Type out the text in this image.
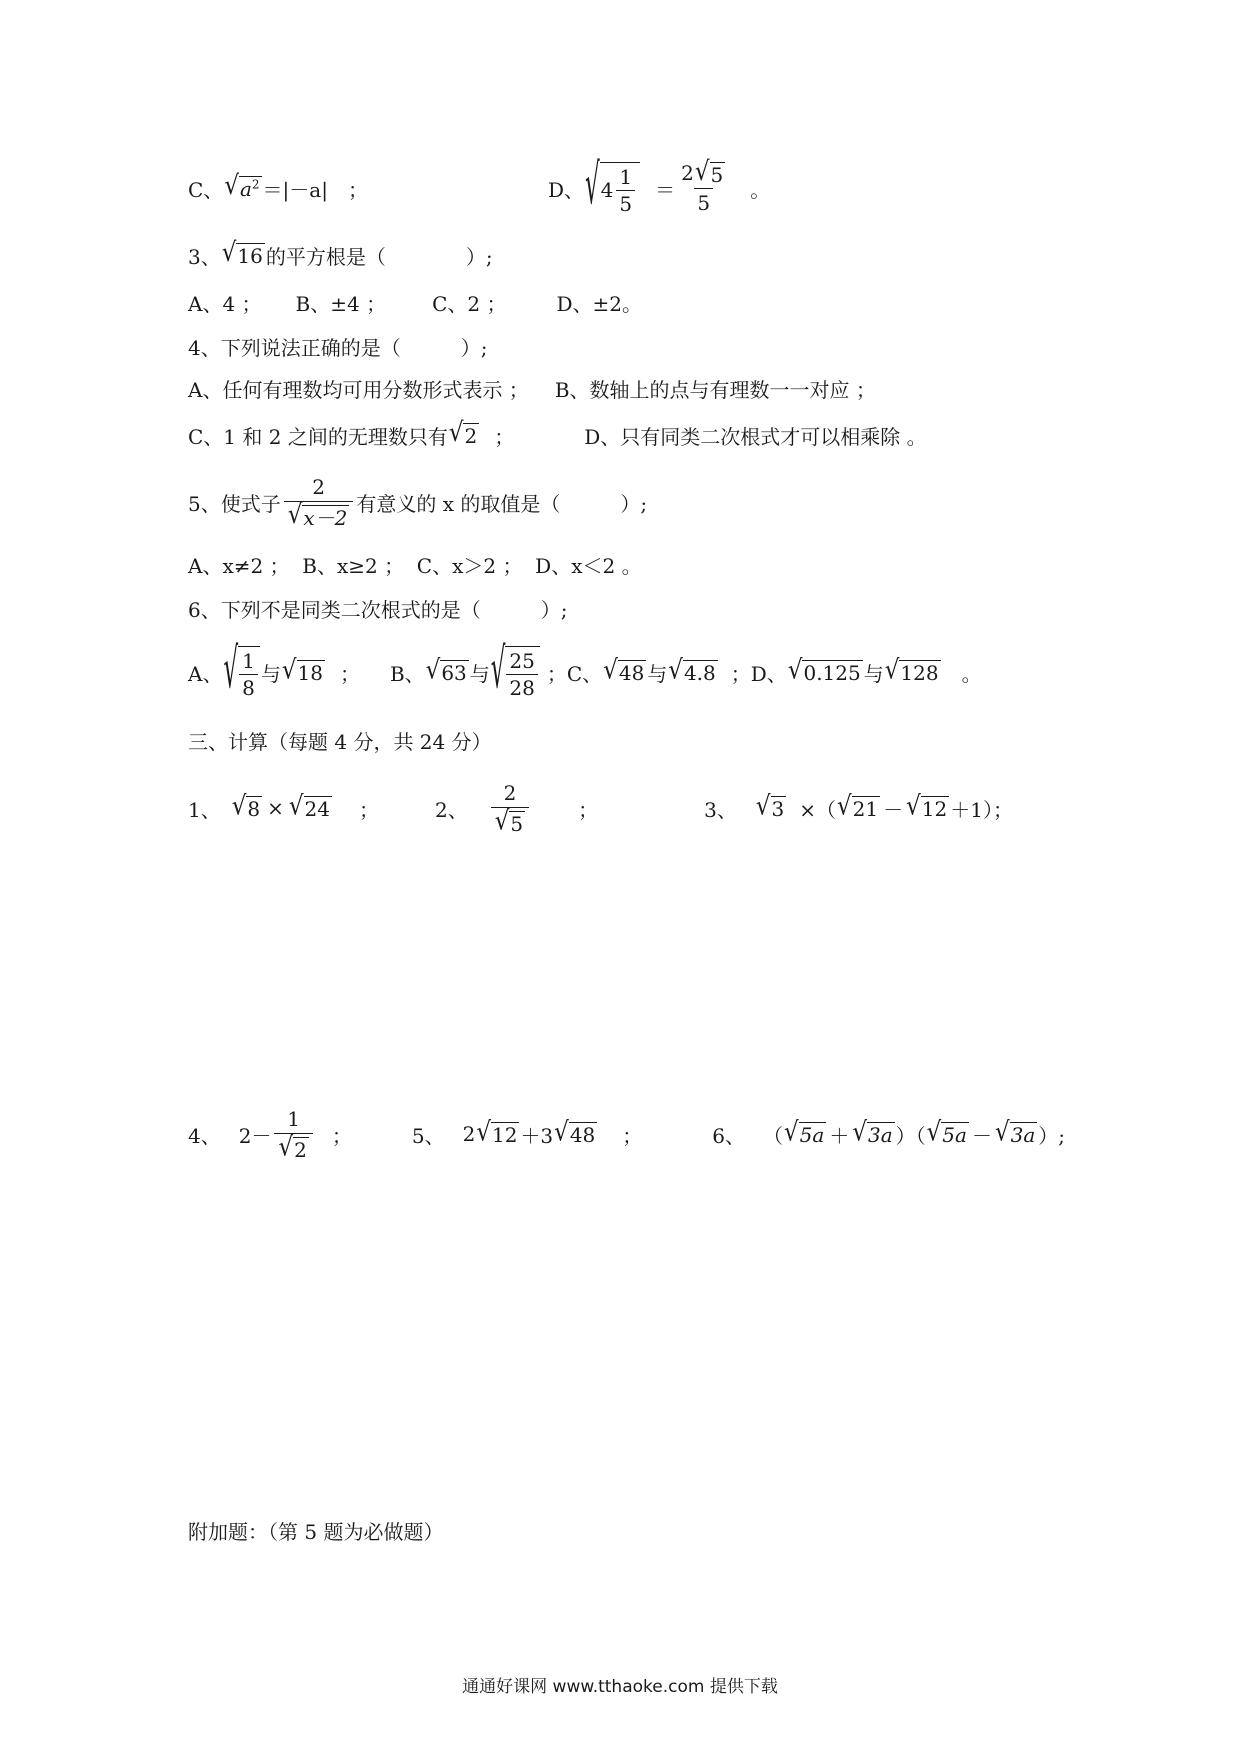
C、 √ $a^2 =|-a|$　；	D、 √ $4 \frac{1}{5} = \frac{2 √ 5}{5}$ 。
3、 √ 16 的平方根是（　　　　）;
A、4 ； B、±4 ； C、2 ；	D、±2。
4、下列说法正确的是（　　　）;
A、任何有理数均可用分数形式表示 ； B、数轴上的点与有理数一一对应 ；
C、1 和 2 之间的无理数只有 √ 2 ；	D、只有同类二次根式才可以相乘除 。
5、使式子 $\frac{2}{√ x-2}$ 有意义的 x 的取值是（　　　）;
A、x≠2 ；  B、x≥2 ；  C、x＞2 ；  D、x＜2 。
6、下列不是同类二次根式的是（　　　）;
A、 √ $\frac{1}{8}$ 与 √ 18 ； B、 √ 63 与 √ $\frac{25}{28}$ ； C、 √ 48 与 √ 4.8 ； D、 √ 0.125 与 √ 128 。
三、计算（每题 4 分，共 24 分）
1、 √ 8 × √ 24 ；	2、 $\frac{2}{√ 5}$ ；	3、 √ 3 ×（ √ 21 － √ 12 ＋1）；
4、 $2- \frac{1}{√ 2}$ ；	5、 2 √ 12 ＋3 √ 48 ；	6、 （ √ 5a ＋ √ 3a ）（ √ 5a － √ 3a ）;
附加题：（第 5 题为必做题）
通通好课网 www.tthaoke.com 提供下载
